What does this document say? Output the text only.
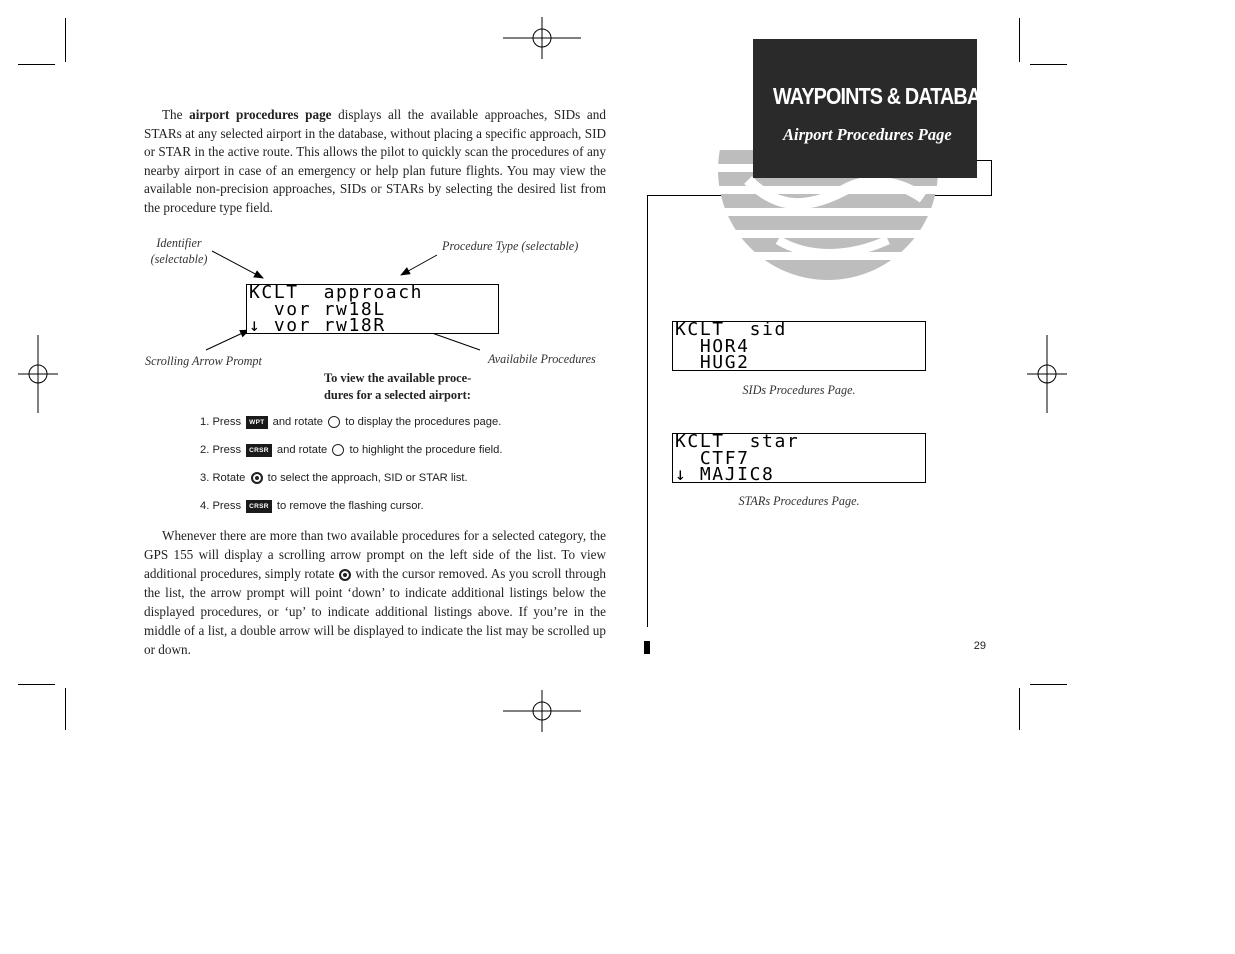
The airport procedures page displays all the available approaches, SIDs and STARs at any selected airport in the database, without placing a specific approach, SID or STAR in the active route. This allows the pilot to quickly scan the procedures of any nearby airport in case of an emergency or help plan future flights. You may view the available non-precision approaches, SIDs or STARs by selecting the desired list from the procedure type field.

Identifier
(selectable)
Procedure Type (selectable)
Scrolling Arrow Prompt	Availabile Procedures
KCLT  approach
vor rw18L
↓ vor rw18R
To view the available proce-
dures for a selected airport:
1. Press WPT and rotate to display the procedures page.
2. Press CRSR and rotate to highlight the procedure field.
3. Rotate to select the approach, SID or STAR list.
4. Press CRSR to remove the flashing cursor.

Whenever there are more than two available procedures for a selected category, the GPS 155 will display a scrolling arrow prompt on the left side of the list. To view additional procedures, simply rotate  with the cursor removed. As you scroll through the list, the arrow prompt will point ‘down’ to indicate additional listings below the displayed procedures, or ‘up’ to indicate additional listings above. If you’re in the middle of a list, a double arrow will be displayed to indicate the list may be scrolled up or down.

WAYPOINTS & DATABASE
Airport Procedures Page
KCLT  sid
HOR4
HUG2
SIDs Procedures Page.
KCLT  star
CTF7
↓ MAJIC8
STARs Procedures Page.
29
